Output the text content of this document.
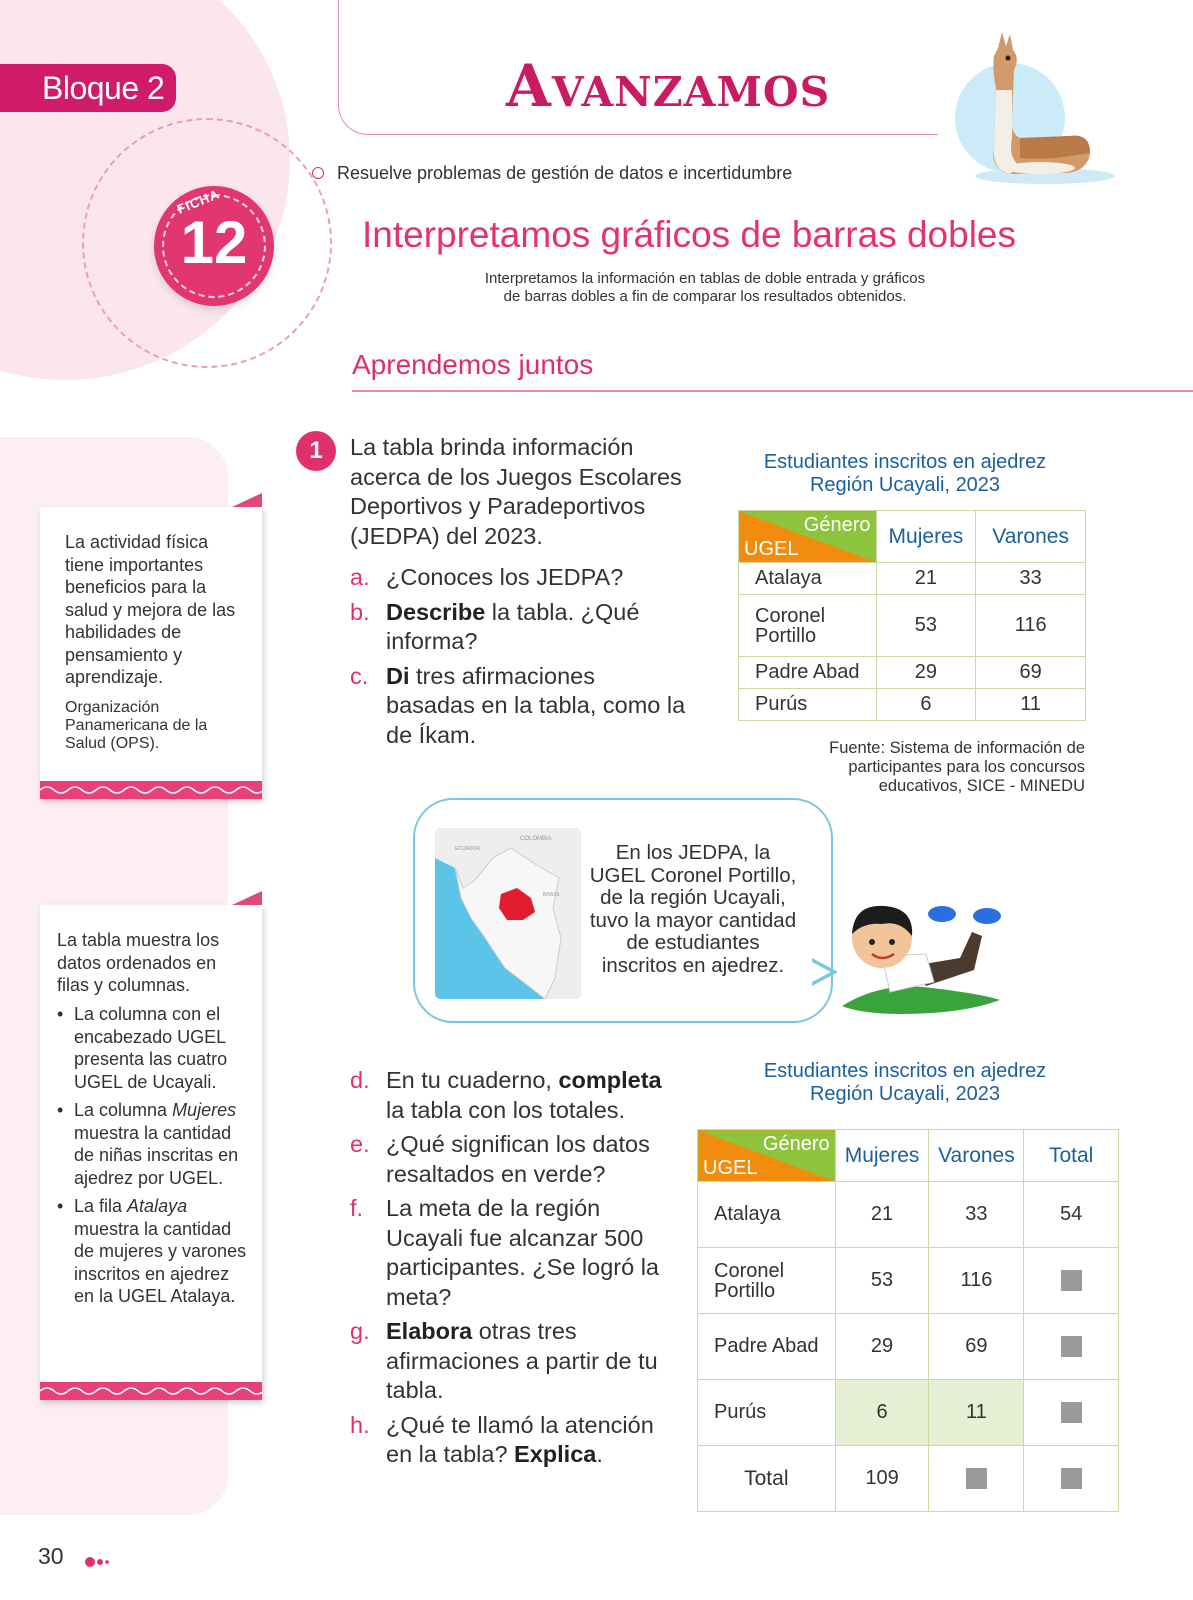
Bloque 2
FICHA
12
Avanzamos
Resuelve problemas de gestión de datos e incertidumbre
Interpretamos gráficos de barras dobles
Interpretamos la información en tablas de doble entrada y gráficos
de barras dobles a fin de comparar los resultados obtenidos.
Aprendemos juntos
La actividad física tiene importantes beneficios para la salud y mejora de las habilidades de pensamiento y aprendizaje.
Organización Panamericana de la Salud (OPS).
La tabla muestra los datos ordenados en filas y columnas.
• La columna con el encabezado UGEL presenta las cuatro UGEL de Ucayali.
• La columna Mujeres muestra la cantidad de niñas inscritas en ajedrez por UGEL.
• La fila Atalaya muestra la cantidad de mujeres y varones inscritos en ajedrez en la UGEL Atalaya.
1	La tabla brinda información acerca de los Juegos Escolares Deportivos y Paradeportivos (JEDPA) del 2023.
a. ¿Conoces los JEDPA?
b. Describe la tabla. ¿Qué informa?
c. Di tres afirmaciones basadas en la tabla, como la de Íkam.
Estudiantes inscritos en ajedrez
Región Ucayali, 2023
Género
UGEL	Mujeres	Varones
Atalaya	21	33
Coronel Portillo	53	116
Padre Abad	29	69
Purús	6	11
Fuente: Sistema de información de participantes para los concursos educativos, SICE - MINEDU
COLOMBIA
ECUADOR
BRASIL
En los JEDPA, la UGEL Coronel Portillo, de la región Ucayali, tuvo la mayor cantidad de estudiantes inscritos en ajedrez.
d. En tu cuaderno, completa la tabla con los totales.
e. ¿Qué significan los datos resaltados en verde?
f. La meta de la región Ucayali fue alcanzar 500 participantes. ¿Se logró la meta?
g. Elabora otras tres afirmaciones a partir de tu tabla.
h. ¿Qué te llamó la atención en la tabla? Explica.
Estudiantes inscritos en ajedrez
Región Ucayali, 2023
Género
UGEL	Mujeres	Varones	Total
Atalaya	21	33	54
Coronel Portillo	53	116	
Padre Abad	29	69	
Purús	6	11	
Total	109		
30
